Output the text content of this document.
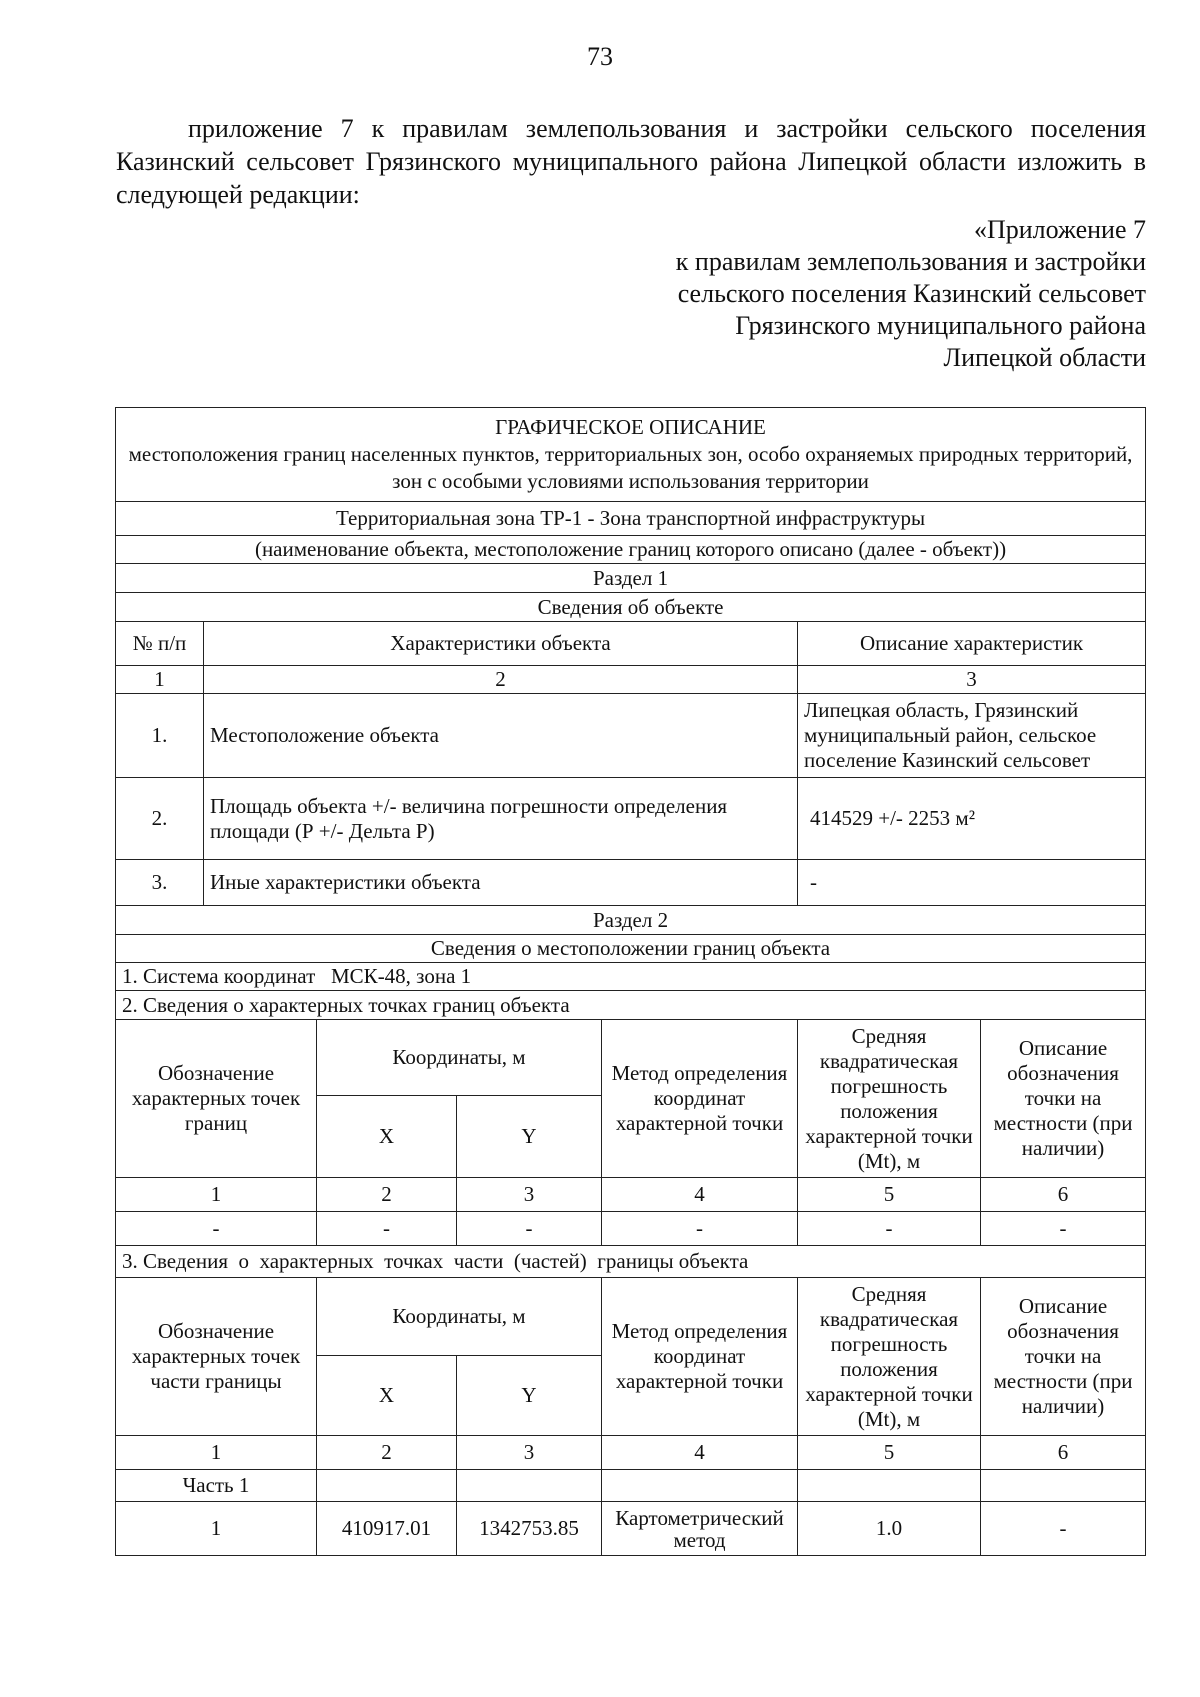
73

приложение 7 к правилам землепользования и застройки сельского поселения Казинский сельсовет Грязинского муниципального района Липецкой области изложить в следующей редакции:

«Приложение 7
к правилам землепользования и застройки
сельского поселения Казинский сельсовет
Грязинского муниципального района
Липецкой области
ГРАФИЧЕСКОЕ ОПИСАНИЕ
местоположения границ населенных пунктов, территориальных зон, особо охраняемых природных территорий, зон с особыми условиями использования территории						

Территориальная зона ТР-1 - Зона транспортной инфраструктуры						
(наименование объекта, местоположение границ которого описано (далее - объект))						
Раздел 1						
Сведения об объекте						
№ п/п	Характеристики объекта				Описание характеристик	
1	2				3	
1.	Местоположение объекта				Липецкая область, Грязинский муниципальный район, сельское поселение Казинский сельсовет	
2.	Площадь объекта +/- величина погрешности определения площади (Р +/- Дельта Р)				414529 +/- 2253 м²	
3.	Иные характеристики объекта				-	
Раздел 2						
Сведения о местоположении границ объекта						
1. Система координат   МСК-48, зона 1						
2. Сведения о характерных точках границ объекта						
Обозначение характерных точек границ		Координаты, м		Метод определения координат характерной точки	Средняя квадратическая погрешность положения характерной точки (Mt), м	Описание обозначения точки на местности (при наличии)
		X	Y			
1		2	3	4	5	6
-		-	-	-	-	-
3. Сведения  о  характерных  точках  части  (частей)  границы объекта						
Обозначение характерных точек части границы		Координаты, м		Метод определения координат характерной точки	Средняя квадратическая погрешность положения характерной точки (Mt), м	Описание обозначения точки на местности (при наличии)
		X	Y			
1		2	3	4	5	6
Часть 1						
1		410917.01	1342753.85	Картометрический метод	1.0	-
